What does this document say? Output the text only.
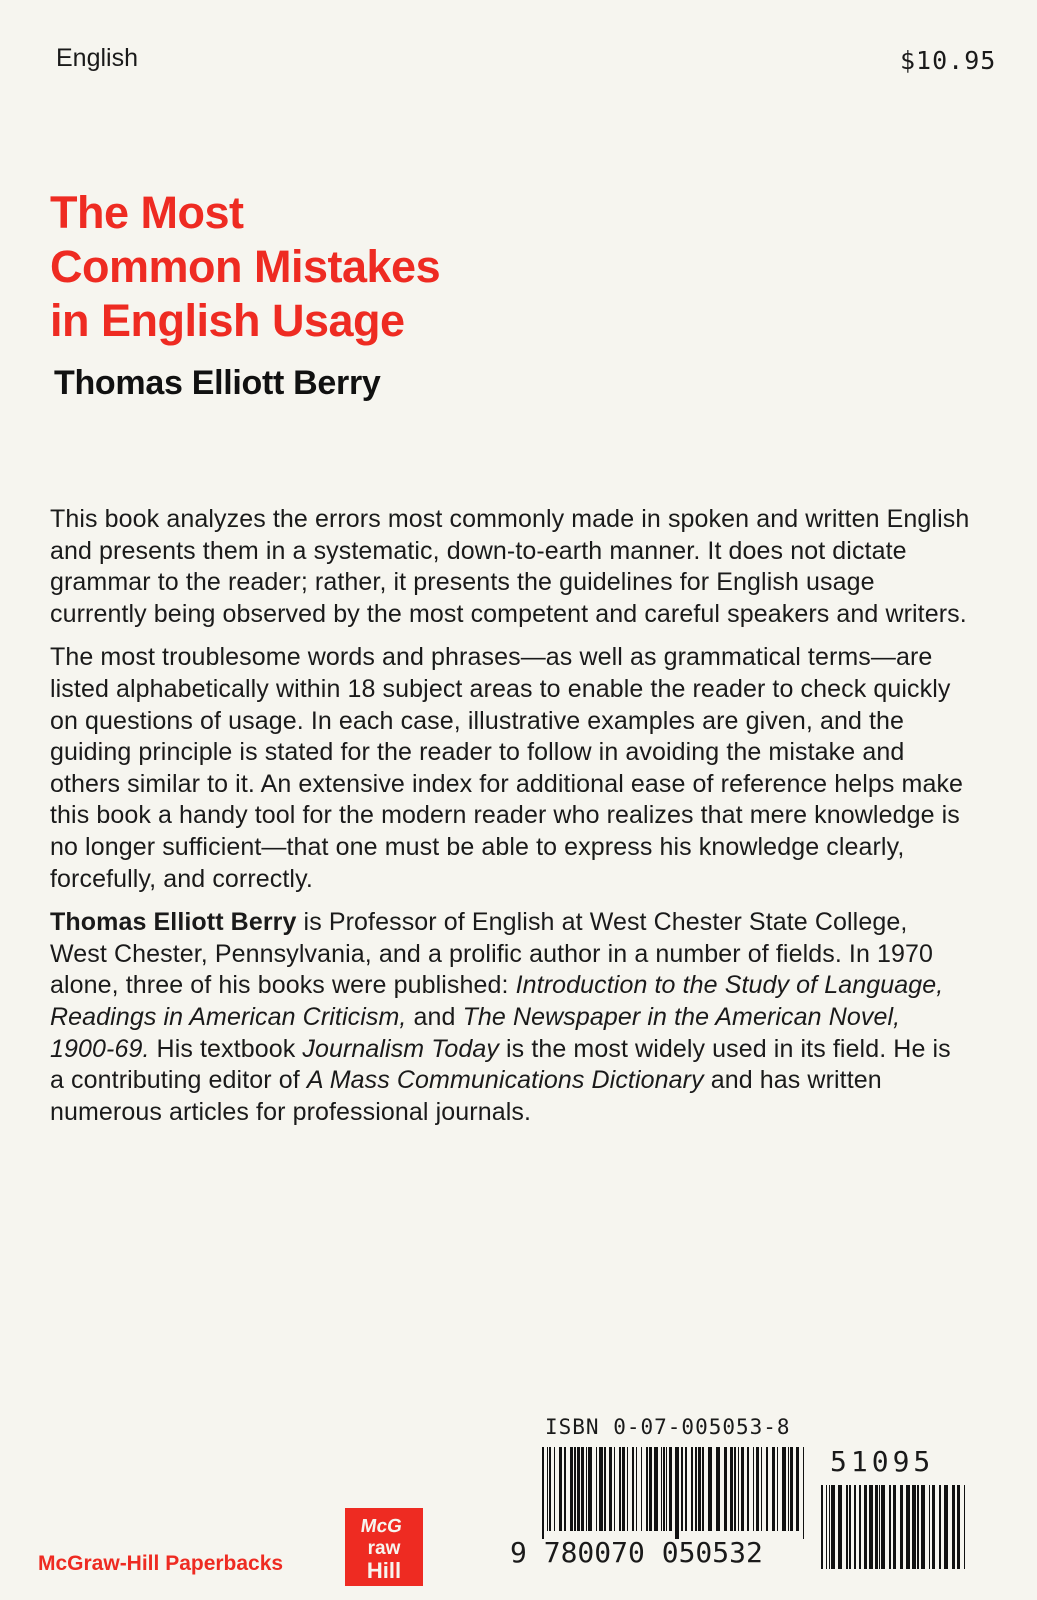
English	$10.95
The Most
Common Mistakes
in English Usage
Thomas Elliott Berry

This book analyzes the errors most commonly made in spoken and written English and presents them in a systematic, down-to-earth manner. It does not dictate grammar to the reader; rather, it presents the guidelines for English usage currently being observed by the most competent and careful speakers and writers.

The most troublesome words and phrases—as well as grammatical terms—are listed alphabetically within 18 subject areas to enable the reader to check quickly on questions of usage. In each case, illustrative examples are given, and the guiding principle is stated for the reader to follow in avoiding the mistake and others similar to it. An extensive index for additional ease of reference helps make this book a handy tool for the modern reader who realizes that mere knowledge is no longer sufficient—that one must be able to express his knowledge clearly, forcefully, and correctly.

Thomas Elliott Berry is Professor of English at West Chester State College, West Chester, Pennsylvania, and a prolific author in a number of fields. In 1970 alone, three of his books were published: Introduction to the Study of Language, Readings in American Criticism, and The Newspaper in the American Novel, 1900-69. His textbook Journalism Today is the most widely used in its field. He is a contributing editor of A Mass Communications Dictionary and has written numerous articles for professional journals.

ISBN 0-07-005053-8
9 780070 050532
51095
McG
raw
Hill
McGraw-Hill Paperbacks
